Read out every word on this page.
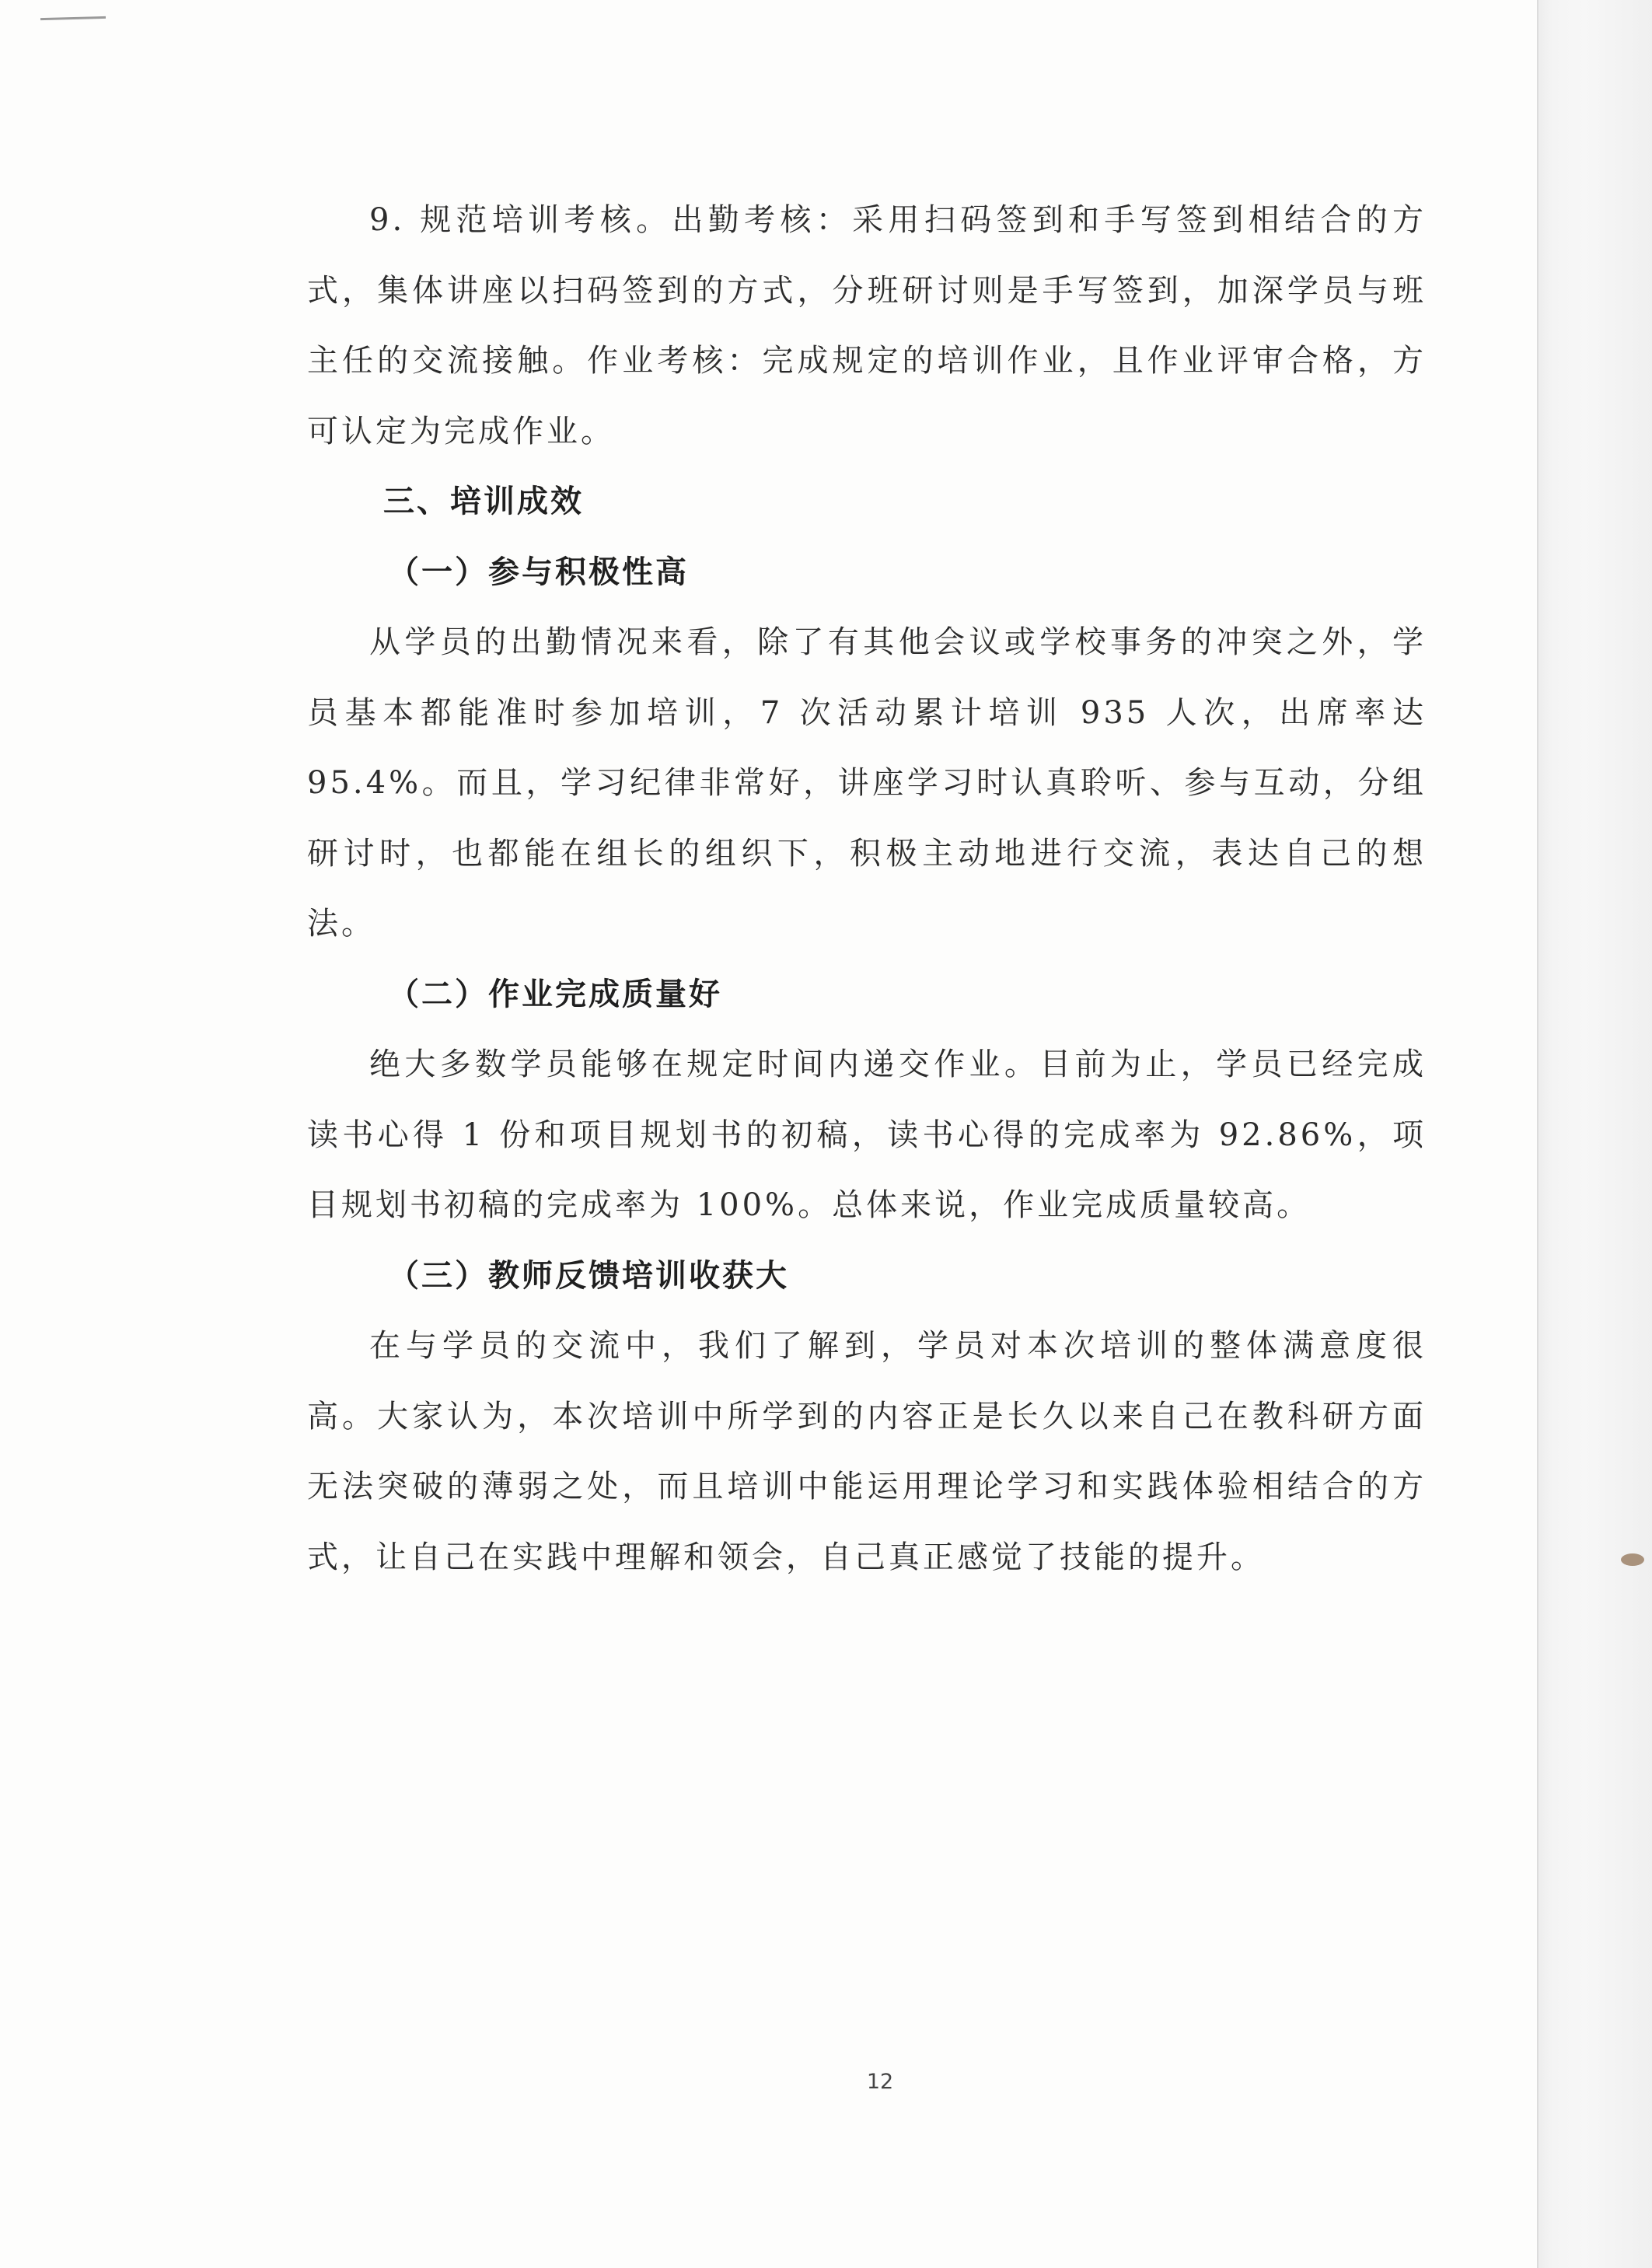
9. 规范培训考核。出勤考核：采用扫码签到和手写签到相结合的方式，集体讲座以扫码签到的方式，分班研讨则是手写签到，加深学员与班主任的交流接触。作业考核：完成规定的培训作业，且作业评审合格，方可认定为完成作业。

三、培训成效

（一）参与积极性高

从学员的出勤情况来看，除了有其他会议或学校事务的冲突之外，学员基本都能准时参加培训，7 次活动累计培训 935 人次，出席率达 95.4%。而且，学习纪律非常好，讲座学习时认真聆听、参与互动，分组研讨时，也都能在组长的组织下，积极主动地进行交流，表达自己的想法。

（二）作业完成质量好

绝大多数学员能够在规定时间内递交作业。目前为止，学员已经完成读书心得 1 份和项目规划书的初稿，读书心得的完成率为 92.86%，项目规划书初稿的完成率为 100%。总体来说，作业完成质量较高。

（三）教师反馈培训收获大

在与学员的交流中，我们了解到，学员对本次培训的整体满意度很高。大家认为，本次培训中所学到的内容正是长久以来自己在教科研方面无法突破的薄弱之处，而且培训中能运用理论学习和实践体验相结合的方式，让自己在实践中理解和领会，自己真正感觉了技能的提升。

12
